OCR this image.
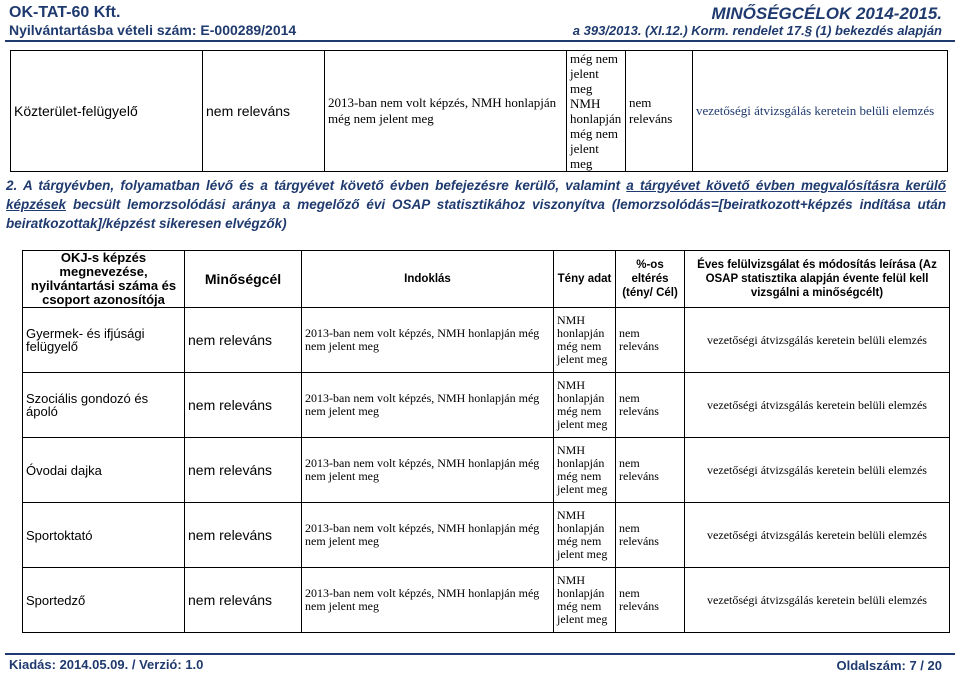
OK-TAT-60 Kft.
Nyilvántartásba vételi szám: E-000289/2014
MINŐSÉGCÉLOK 2014-2015.
a 393/2013. (XI.12.) Korm. rendelet 17.§ (1) bekezdés alapján
Közterület-felügyelő	nem releváns	2013-ban nem volt képzés, NMH honlapján még nem jelent meg	még nem jelent meg NMH honlapján még nem jelent meg	nem releváns	vezetőségi átvizsgálás keretein belüli elemzés
2. A tárgyévben, folyamatban lévő és a tárgyévet követő évben befejezésre kerülő, valamint a tárgyévet követő évben megvalósításra kerülő képzések becsült lemorzsolódási aránya a megelőző évi OSAP statisztikához viszonyítva (lemorzsolódás=[beiratkozott+képzés indítása után beiratkozottak]/képzést sikeresen elvégzők)
OKJ-s képzés megnevezése, nyilvántartási száma és csoport azonosítója	Minőségcél	Indoklás	Tény adat	%-os eltérés (tény/ Cél)	Éves felülvizsgálat és módosítás leírása (Az OSAP statisztika alapján évente felül kell vizsgálni a minőségcélt)
Gyermek- és ifjúsági felügyelő	nem releváns	2013-ban nem volt képzés, NMH honlapján még nem jelent meg	NMH honlapján még nem jelent meg	nem releváns	vezetőségi átvizsgálás keretein belüli elemzés
Szociális gondozó és ápoló	nem releváns	2013-ban nem volt képzés, NMH honlapján még nem jelent meg	NMH honlapján még nem jelent meg	nem releváns	vezetőségi átvizsgálás keretein belüli elemzés
Óvodai dajka	nem releváns	2013-ban nem volt képzés, NMH honlapján még nem jelent meg	NMH honlapján még nem jelent meg	nem releváns	vezetőségi átvizsgálás keretein belüli elemzés
Sportoktató	nem releváns	2013-ban nem volt képzés, NMH honlapján még nem jelent meg	NMH honlapján még nem jelent meg	nem releváns	vezetőségi átvizsgálás keretein belüli elemzés
Sportedző	nem releváns	2013-ban nem volt képzés, NMH honlapján még nem jelent meg	NMH honlapján még nem jelent meg	nem releváns	vezetőségi átvizsgálás keretein belüli elemzés
Kiadás: 2014.05.09. / Verzió: 1.0	Oldalszám: 7 / 20
